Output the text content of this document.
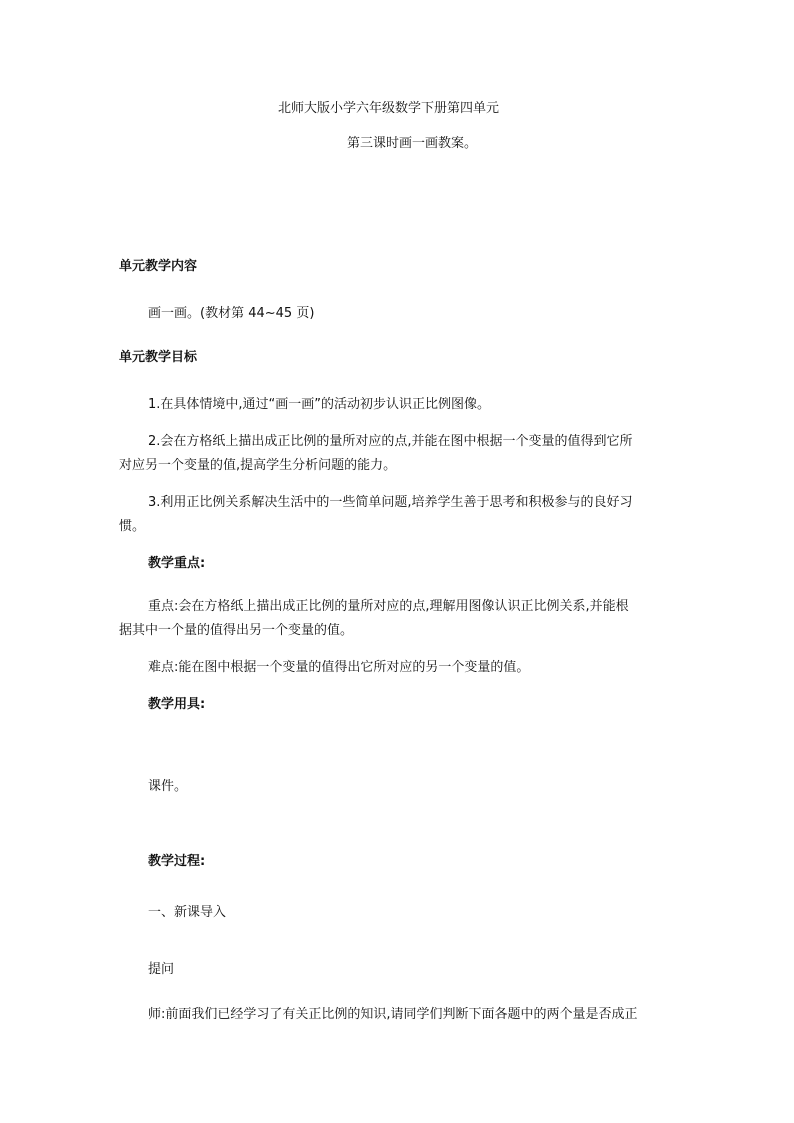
北师大版小学六年级数学下册第四单元

第三课时画一画教案。

单元教学内容

画一画。(教材第 44~45 页)

单元教学目标

1.在具体情境中,通过“画一画”的活动初步认识正比例图像。

2.会在方格纸上描出成正比例的量所对应的点,并能在图中根据一个变量的值得到它所

对应另一个变量的值,提高学生分析问题的能力。

3.利用正比例关系解决生活中的一些简单问题,培养学生善于思考和积极参与的良好习

惯。

教学重点:

重点:会在方格纸上描出成正比例的量所对应的点,理解用图像认识正比例关系,并能根

据其中一个量的值得出另一个变量的值。

难点:能在图中根据一个变量的值得出它所对应的另一个变量的值。

教学用具:

课件。

教学过程:

一、新课导入

提问

师:前面我们已经学习了有关正比例的知识,请同学们判断下面各题中的两个量是否成正
